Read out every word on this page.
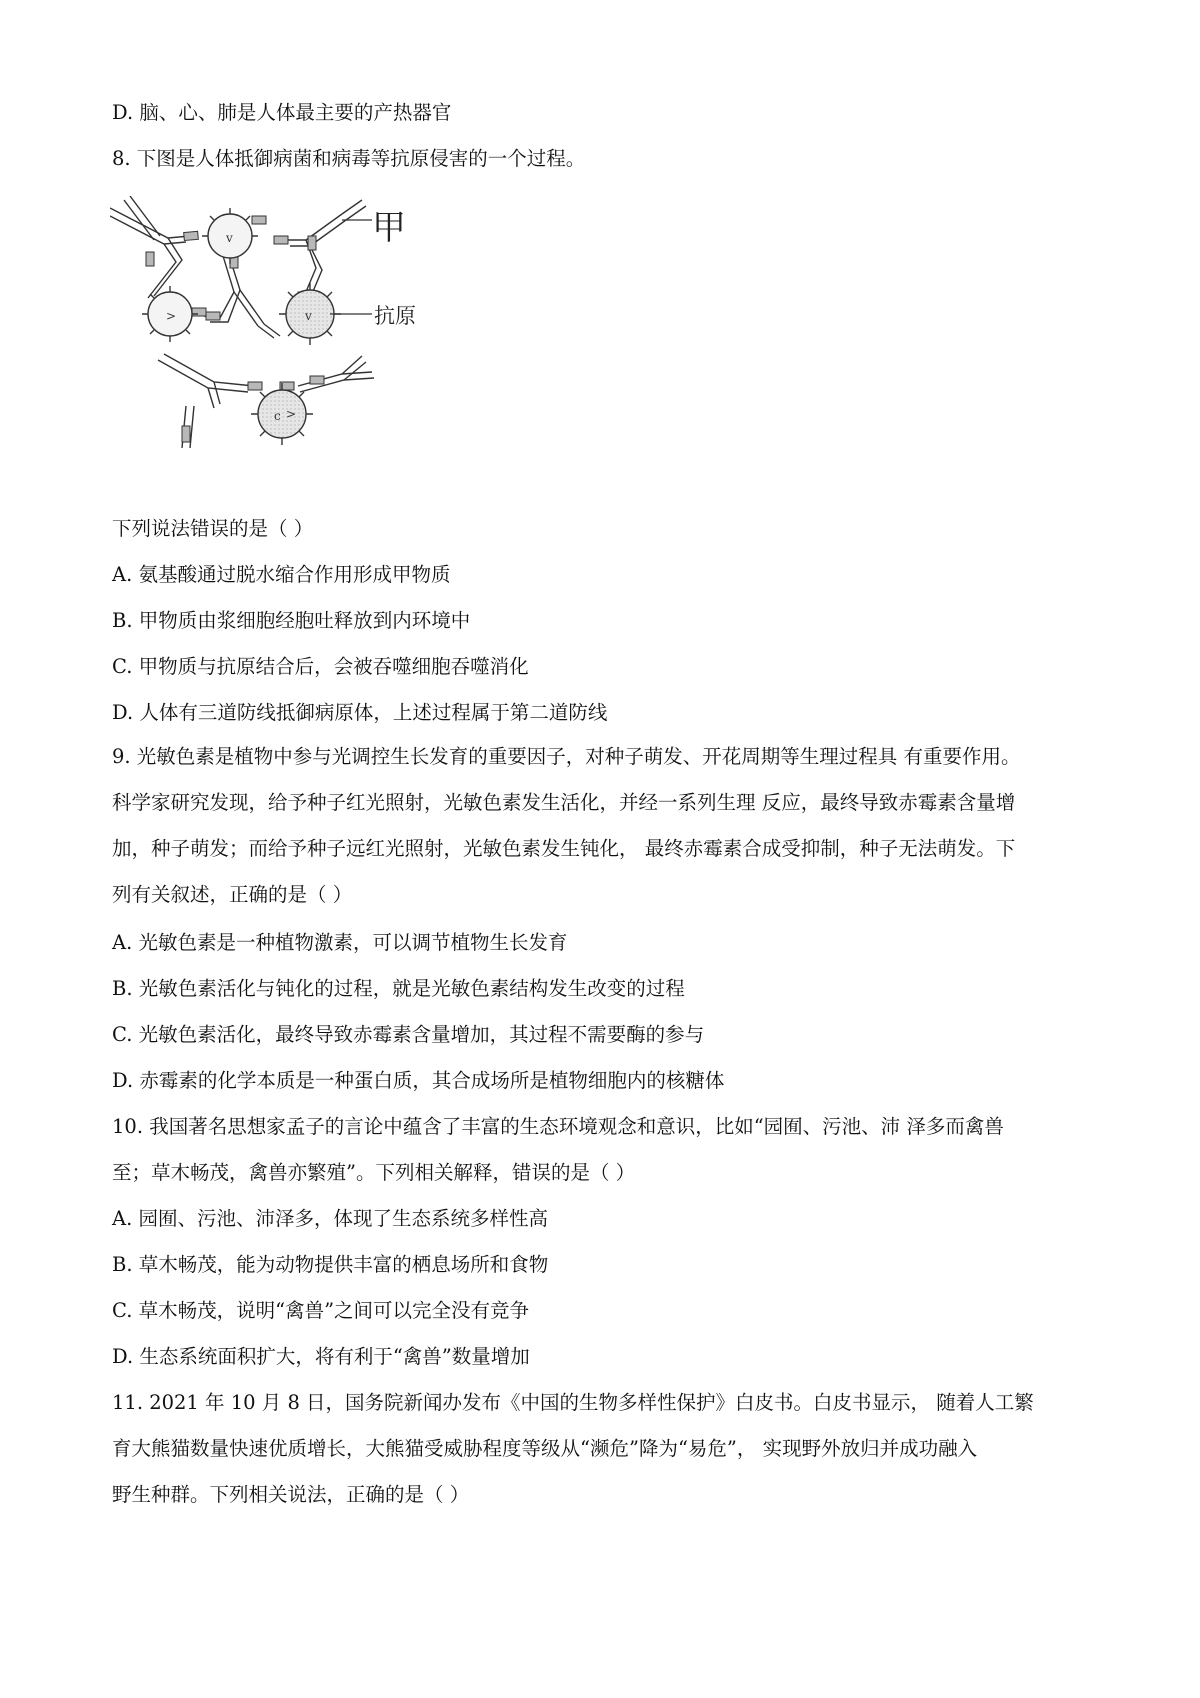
D. 脑、心、肺是人体最主要的产热器官
8. 下图是人体抵御病菌和病毒等抗原侵害的一个过程。
v
>	v
c >
甲
抗原
下列说法错误的是（ ）
A. 氨基酸通过脱水缩合作用形成甲物质
B. 甲物质由浆细胞经胞吐释放到内环境中
C. 甲物质与抗原结合后，会被吞噬细胞吞噬消化
D. 人体有三道防线抵御病原体，上述过程属于第二道防线
9. 光敏色素是植物中参与光调控生长发育的重要因子，对种子萌发、开花周期等生理过程具 有重要作用。
科学家研究发现，给予种子红光照射，光敏色素发生活化，并经一系列生理 反应，最终导致赤霉素含量增
加，种子萌发；而给予种子远红光照射，光敏色素发生钝化， 最终赤霉素合成受抑制，种子无法萌发。下
列有关叙述，正确的是（ ）
A. 光敏色素是一种植物激素，可以调节植物生长发育
B. 光敏色素活化与钝化的过程，就是光敏色素结构发生改变的过程
C. 光敏色素活化，最终导致赤霉素含量增加，其过程不需要酶的参与
D. 赤霉素的化学本质是一种蛋白质，其合成场所是植物细胞内的核糖体
10. 我国著名思想家孟子的言论中蕴含了丰富的生态环境观念和意识，比如“园囿、污池、沛 泽多而禽兽
至；草木畅茂，禽兽亦繁殖”。下列相关解释，错误的是（ ）
A. 园囿、污池、沛泽多，体现了生态系统多样性高
B. 草木畅茂，能为动物提供丰富的栖息场所和食物
C. 草木畅茂，说明“禽兽”之间可以完全没有竞争
D. 生态系统面积扩大，将有利于“禽兽”数量增加
11. 2021 年 10 月 8 日，国务院新闻办发布《中国的生物多样性保护》白皮书。白皮书显示， 随着人工繁
育大熊猫数量快速优质增长，大熊猫受威胁程度等级从“濒危”降为“易危”， 实现野外放归并成功融入
野生种群。下列相关说法，正确的是（ ）
